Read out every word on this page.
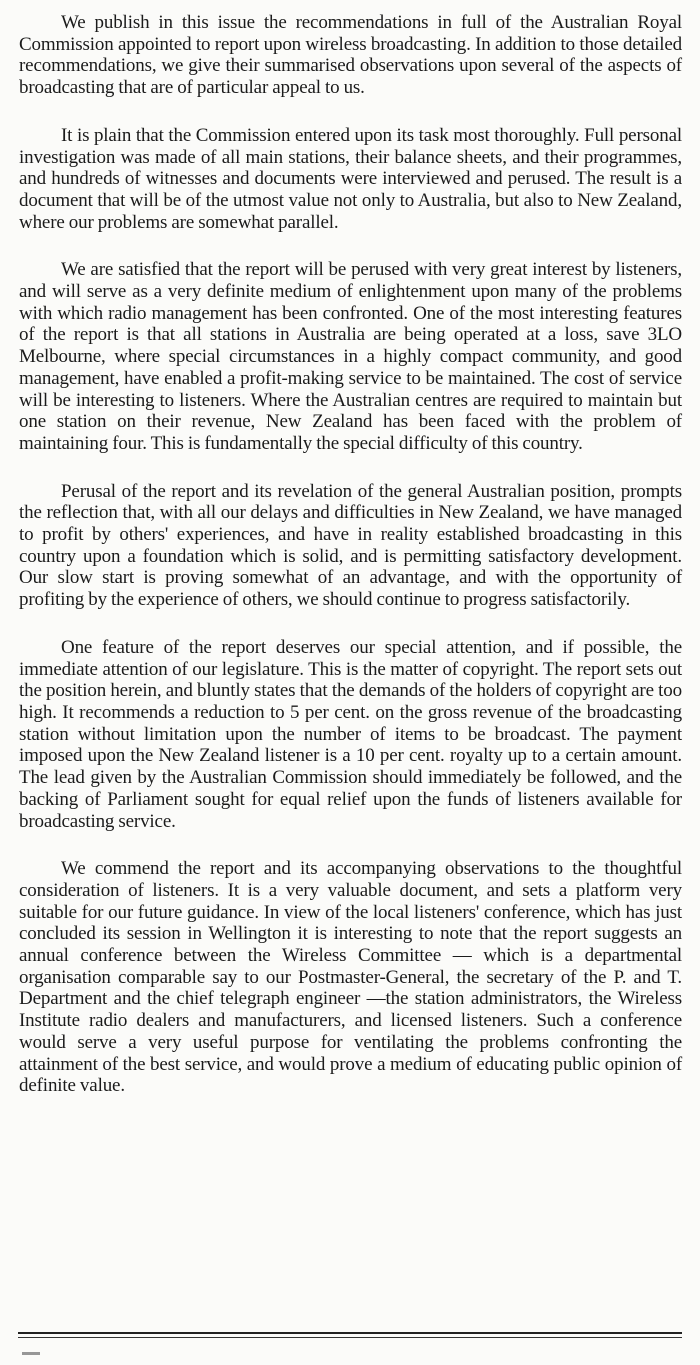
We publish in this issue the recommendations in full of the Australian Royal Commission appointed to report upon wireless broadcasting. In addition to those detailed recommendations, we give their summarised observations upon several of the aspects of broadcasting that are of particular appeal to us.

It is plain that the Commission entered upon its task most thoroughly. Full personal investigation was made of all main stations, their balance sheets, and their programmes, and hundreds of witnesses and documents were interviewed and perused. The result is a document that will be of the utmost value not only to Australia, but also to New Zealand, where our problems are somewhat parallel.

We are satisfied that the report will be perused with very great interest by listeners, and will serve as a very definite medium of enlightenment upon many of the problems with which radio management has been confronted. One of the most interesting features of the report is that all stations in Australia are being operated at a loss, save 3LO Melbourne, where special circumstances in a highly compact community, and good management, have enabled a profit-making service to be maintained. The cost of service will be interesting to listeners. Where the Australian centres are required to maintain but one station on their revenue, New Zealand has been faced with the problem of maintaining four. This is fundamentally the special difficulty of this country.

Perusal of the report and its revelation of the general Australian position, prompts the reflection that, with all our delays and difficulties in New Zealand, we have managed to profit by others' experiences, and have in reality established broadcasting in this country upon a foundation which is solid, and is permitting satisfactory development. Our slow start is proving somewhat of an advantage, and with the opportunity of profiting by the experience of others, we should continue to progress satisfactorily.

One feature of the report deserves our special attention, and if possible, the immediate attention of our legislature. This is the matter of copyright. The report sets out the position herein, and bluntly states that the demands of the holders of copyright are too high. It recommends a reduction to 5 per cent. on the gross revenue of the broadcasting station without limitation upon the number of items to be broadcast. The payment imposed upon the New Zealand listener is a 10 per cent. royalty up to a certain amount. The lead given by the Australian Commission should immediately be followed, and the backing of Parliament sought for equal relief upon the funds of listeners available for broadcasting service.

We commend the report and its accompanying observations to the thoughtful consideration of listeners. It is a very valuable document, and sets a platform very suitable for our future guidance. In view of the local listeners' conference, which has just concluded its session in Wellington it is interesting to note that the report suggests an annual conference between the Wireless Committee — which is a departmental organisation comparable say to our Postmaster-General, the secretary of the P. and T. Department and the chief telegraph engineer —the station administrators, the Wireless Institute radio dealers and manufacturers, and licensed listeners. Such a conference would serve a very useful purpose for ventilating the problems confronting the attainment of the best service, and would prove a medium of educating public opinion of definite value.
